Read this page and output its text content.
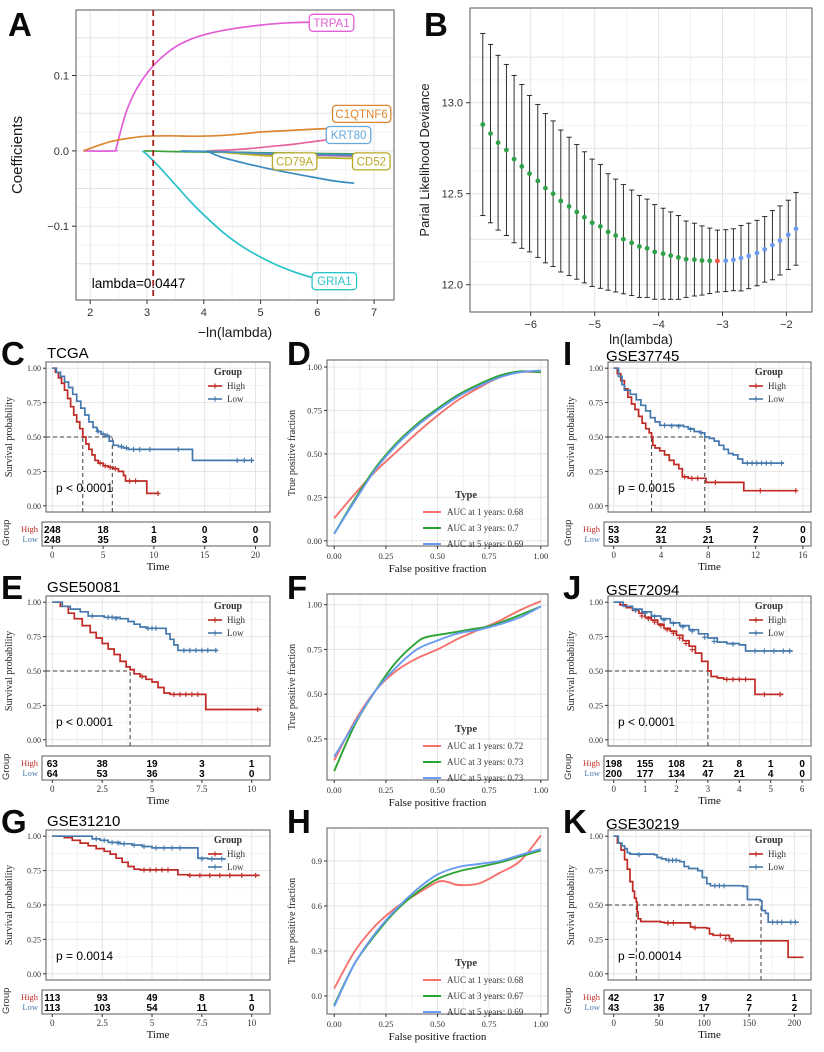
A
lambda=0.0447
TRPA1
C1QTNF6
KRT80
CD79A	CD52
GRIA1
2	3	4	5	6	7
−0.1
0.0
0.1
−ln(lambda)
Coefficients
B
−6	−5	−4	−3	−2
12.0
12.5
13.0
ln(lambda)
Parial Likelihood Deviance
C TCGA
Group
High
Low
p < 0.0001
0.00
0.25
0.50
0.75
1.00
Survival probability
High 248	18	1	0	0
Low 248	35	8	3	0
Group
0	5	10	15	20
Time
D
Type
AUC at 1 years: 0.68
AUC at 3 years: 0.7
AUC at 5 years: 0.69
0.00	0.25	0.50	0.75	1.00
0.00
0.25
0.50
0.75
1.00
False positive fraction
True positive fraction
I GSE37745
Group
High
Low
p = 0.0015
0.00
0.25
0.50
0.75
1.00
Survival probability
High 53	22	5	2	0
Low 53	31	21	7	0
Group
0	4	8	12	16
Time
E GSE50081
Group
High
Low
p < 0.0001
0.00
0.25
0.50
0.75
1.00
Survival probability
High 63	38	19	3	1
Low 64	53	36	3	0
Group
0	2.5	5	7.5	10
Time
F
Type
AUC at 1 years: 0.72
AUC at 3 years: 0.73
AUC at 5 years: 0.73
0.00	0.25	0.50	0.75	1.00
0.25
0.50
0.75
1.00
False positive fraction
True positive fraction
J GSE72094
Group
High
Low
p < 0.0001
0.00
0.25
0.50
0.75
1.00
Survival probability
High 198 155 108 21 8	1	0
Low 200 177 134 47 21 4	0
Group
0	1	2	3	4	5	6
Time
G GSE31210
Group
High
Low
p = 0.0014
0.00
0.25
0.50
0.75
1.00
Survival probability
High 113	93	49	8	1
Low 113	103	54	11	0
Group
0	2.5	5	7.5	10
Time
H
Type
AUC at 1 years: 0.68
AUC at 3 years: 0.67
AUC at 5 years: 0.69
0.00	0.25	0.50	0.75	1.00
0.0
0.3
0.6
0.9
False positive fraction
True positive fraction
K GSE30219
Group
High
Low
p = 0.00014
0.00
0.25
0.50
0.75
1.00
Survival probability
High 42	17	9	2	1
Low 43	36	17	7	2
Group
0	50	100	150	200
Time
